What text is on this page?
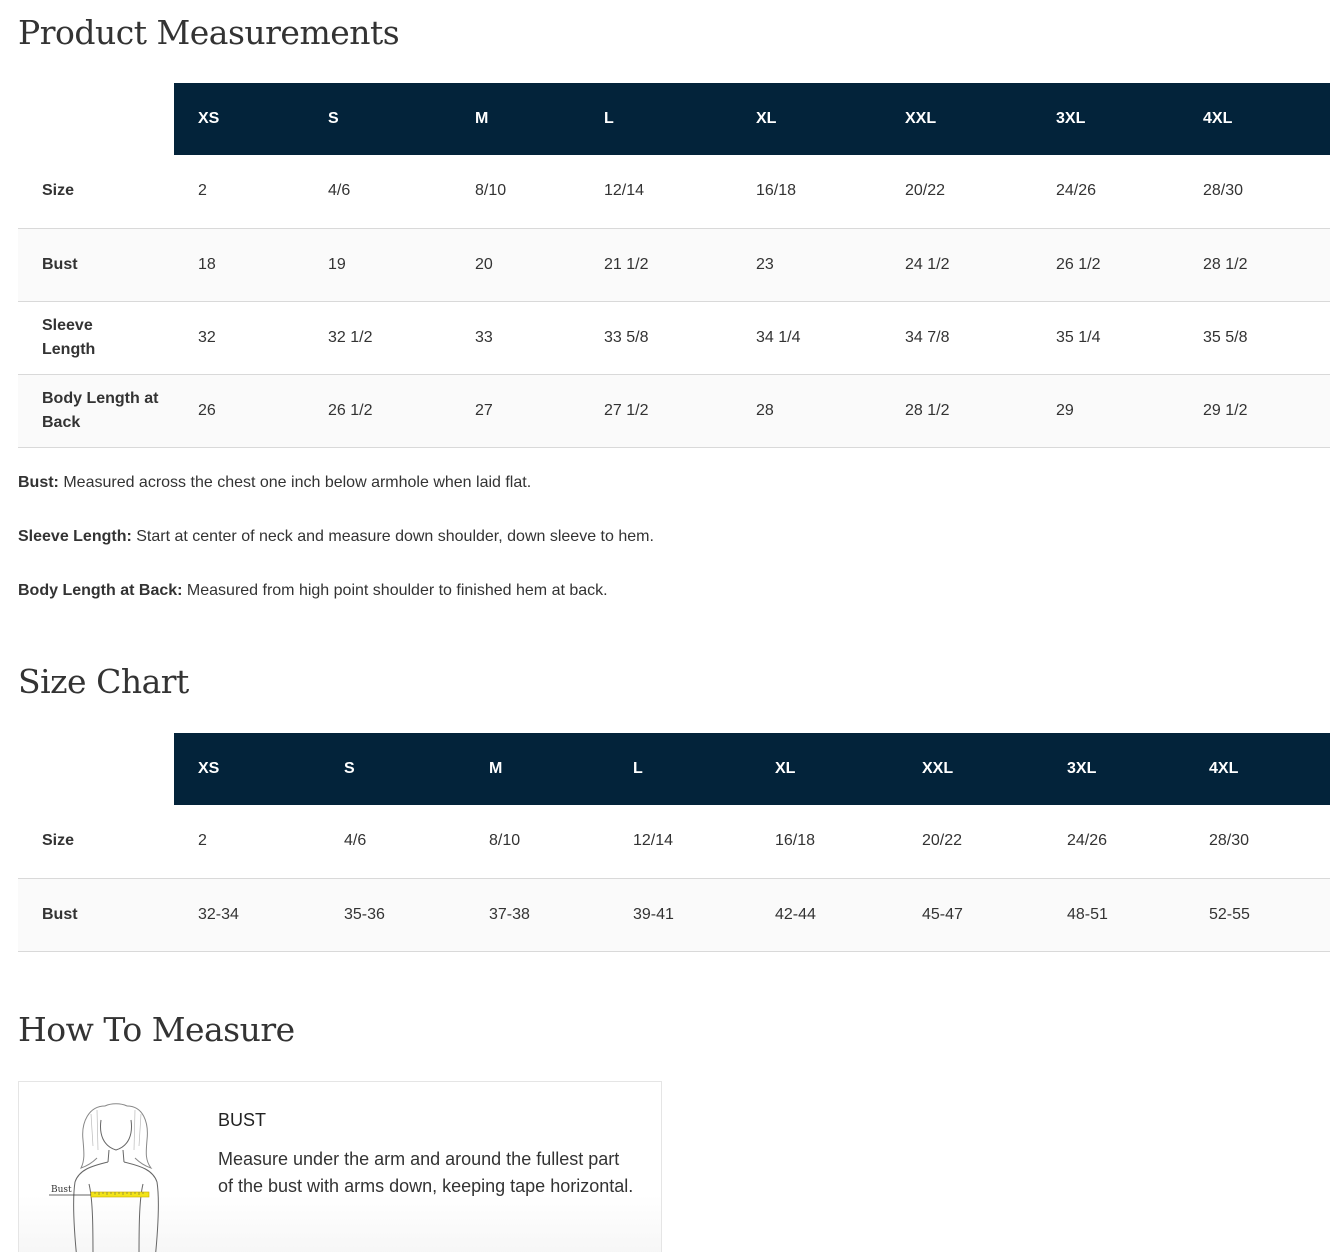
Product Measurements
	XS	S	M	L	XL	XXL	3XL	4XL
Size	2	4/6	8/10	12/14	16/18	20/22	24/26	28/30
Bust	18	19	20	21 1/2	23	24 1/2	26 1/2	28 1/2
Sleeve Length	32	32 1/2	33	33 5/8	34 1/4	34 7/8	35 1/4	35 5/8
Body Length at Back	26	26 1/2	27	27 1/2	28	28 1/2	29	29 1/2
Bust: Measured across the chest one inch below armhole when laid flat.
Sleeve Length: Start at center of neck and measure down shoulder, down sleeve to hem.
Body Length at Back: Measured from high point shoulder to finished hem at back.
Size Chart
	XS	S	M	L	XL	XXL	3XL	4XL
Size	2	4/6	8/10	12/14	16/18	20/22	24/26	28/30
Bust	32-34	35-36	37-38	39-41	42-44	45-47	48-51	52-55
How To Measure
Bust
BUST
Measure under the arm and around the fullest part of the bust with arms down, keeping tape horizontal.
